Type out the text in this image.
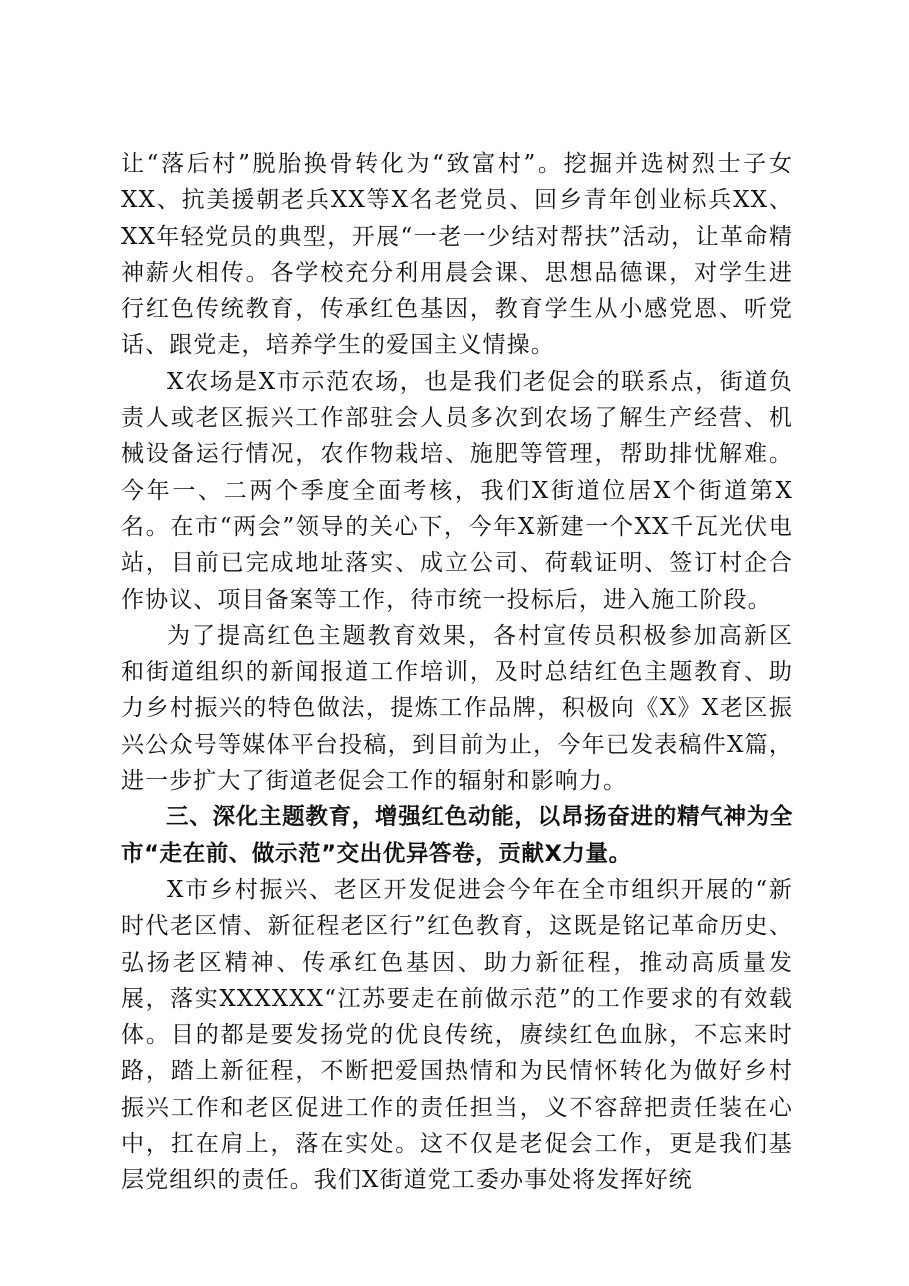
让“落后村”脱胎换骨转化为“致富村”。挖掘并选树烈士子女XX、抗美援朝老兵XX等X名老党员、回乡青年创业标兵XX、XX年轻党员的典型，开展“一老一少结对帮扶”活动，让革命精神薪火相传。各学校充分利用晨会课、思想品德课，对学生进行红色传统教育，传承红色基因，教育学生从小感党恩、听党话、跟党走，培养学生的爱国主义情操。

X农场是X市示范农场，也是我们老促会的联系点，街道负责人或老区振兴工作部驻会人员多次到农场了解生产经营、机械设备运行情况，农作物栽培、施肥等管理，帮助排忧解难。今年一、二两个季度全面考核，我们X街道位居X个街道第X名。在市“两会”领导的关心下，今年X新建一个XX千瓦光伏电站，目前已完成地址落实、成立公司、荷载证明、签订村企合作协议、项目备案等工作，待市统一投标后，进入施工阶段。

为了提高红色主题教育效果，各村宣传员积极参加高新区和街道组织的新闻报道工作培训，及时总结红色主题教育、助力乡村振兴的特色做法，提炼工作品牌，积极向《X》X老区振兴公众号等媒体平台投稿，到目前为止，今年已发表稿件X篇，进一步扩大了街道老促会工作的辐射和影响力。

三、深化主题教育，增强红色动能，以昂扬奋进的精气神为全市“走在前、做示范”交出优异答卷，贡献X力量。

X市乡村振兴、老区开发促进会今年在全市组织开展的“新时代老区情、新征程老区行”红色教育，这既是铭记革命历史、弘扬老区精神、传承红色基因、助力新征程，推动高质量发展，落实XXXXXX“江苏要走在前做示范”的工作要求的有效载体。目的都是要发扬党的优良传统，赓续红色血脉，不忘来时路，踏上新征程，不断把爱国热情和为民情怀转化为做好乡村振兴工作和老区促进工作的责任担当，义不容辞把责任装在心中，扛在肩上，落在实处。这不仅是老促会工作，更是我们基层党组织的责任。我们X街道党工委办事处将发挥好统
